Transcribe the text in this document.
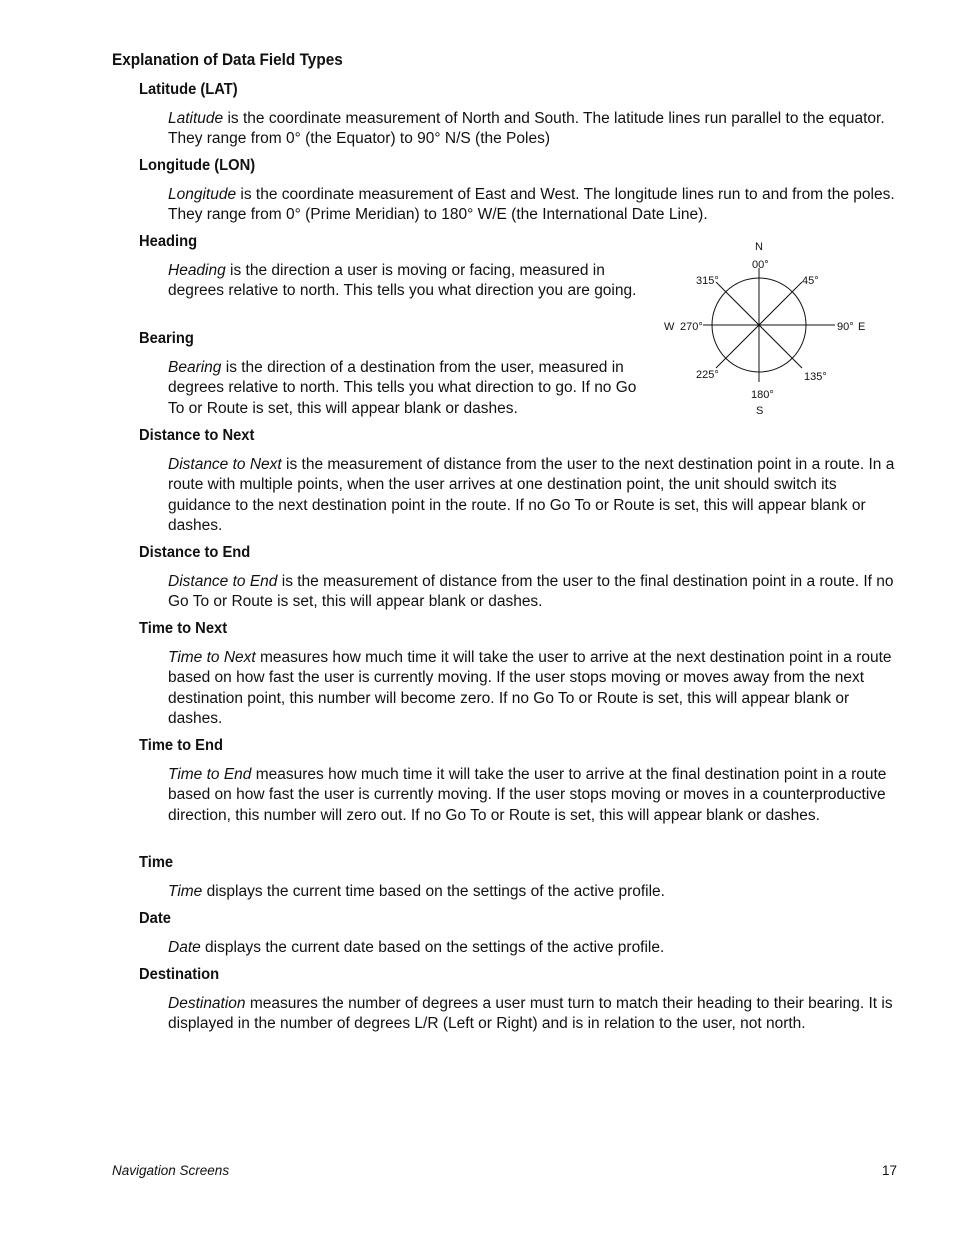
Explanation of Data Field Types
Latitude (LAT)
Latitude is the coordinate measurement of North and South. The latitude lines run parallel to the equator. They range from 0° (the Equator) to 90° N/S (the Poles)
Longitude (LON)
Longitude is the coordinate measurement of East and West. The longitude lines run to and from the poles. They range from 0° (Prime Meridian) to 180° W/E (the International Date Line).
Heading
Heading is the direction a user is moving or facing, measured in degrees relative to north. This tells you what direction you are going.
Bearing
Bearing is the direction of a destination from the user, measured in degrees relative to north. This tells you what direction to go. If no Go To or Route is set, this will appear blank or dashes.
N
00°
45°
315°
W 270°	90° E
225°	135°
180°
S
Distance to Next
Distance to Next is the measurement of distance from the user to the next destination point in a route. In a route with multiple points, when the user arrives at one destination point, the unit should switch its guidance to the next destination point in the route. If no Go To or Route is set, this will appear blank or dashes.
Distance to End
Distance to End is the measurement of distance from the user to the final destination point in a route. If no Go To or Route is set, this will appear blank or dashes.
Time to Next
Time to Next measures how much time it will take the user to arrive at the next destination point in a route based on how fast the user is currently moving. If the user stops moving or moves away from the next destination point, this number will become zero. If no Go To or Route is set, this will appear blank or dashes.
Time to End
Time to End measures how much time it will take the user to arrive at the final destination point in a route based on how fast the user is currently moving. If the user stops moving or moves in a counterproductive direction, this number will zero out. If no Go To or Route is set, this will appear blank or dashes.
Time
Time displays the current time based on the settings of the active profile.
Date
Date displays the current date based on the settings of the active profile.
Destination
Destination measures the number of degrees a user must turn to match their heading to their bearing. It is displayed in the number of degrees L/R (Left or Right) and is in relation to the user, not north.
Navigation Screens	17
